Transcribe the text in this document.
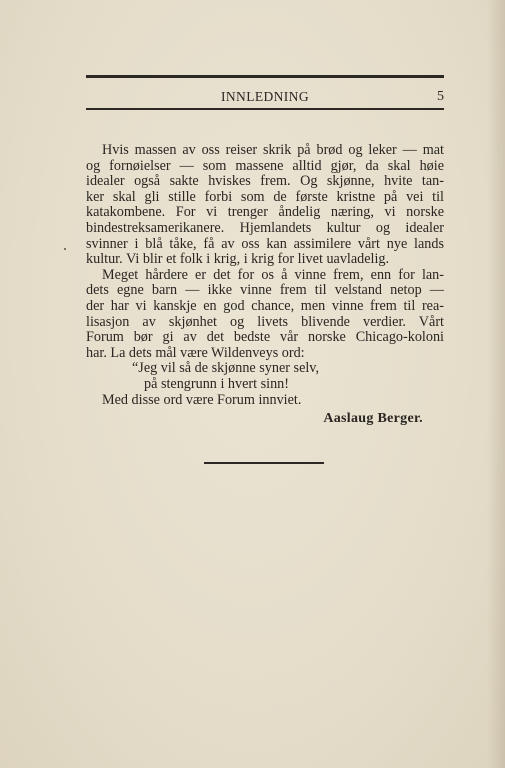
INNLEDNING	5
Hvis massen av oss reiser skrik på brød og leker — mat
og fornøielser — som massene alltid gjør, da skal høie
idealer også sakte hviskes frem. Og skjønne, hvite tan-
ker skal gli stille forbi som de første kristne på vei til
katakombene. For vi trenger åndelig næring, vi norske
bindestreksamerikanere. Hjemlandets kultur og idealer
svinner i blå tåke, få av oss kan assimilere vårt nye lands
kultur. Vi blir et folk i krig, i krig for livet uavladelig.
Meget hårdere er det for os å vinne frem, enn for lan-
dets egne barn — ikke vinne frem til velstand netop —
der har vi kanskje en god chance, men vinne frem til rea-
lisasjon av skjønhet og livets blivende verdier. Vårt
Forum bør gi av det bedste vår norske Chicago-koloni
har. La dets mål være Wildenveys ord:
“Jeg vil så de skjønne syner selv,
på stengrunn i hvert sinn!
Med disse ord være Forum innviet.
Aaslaug Berger.
